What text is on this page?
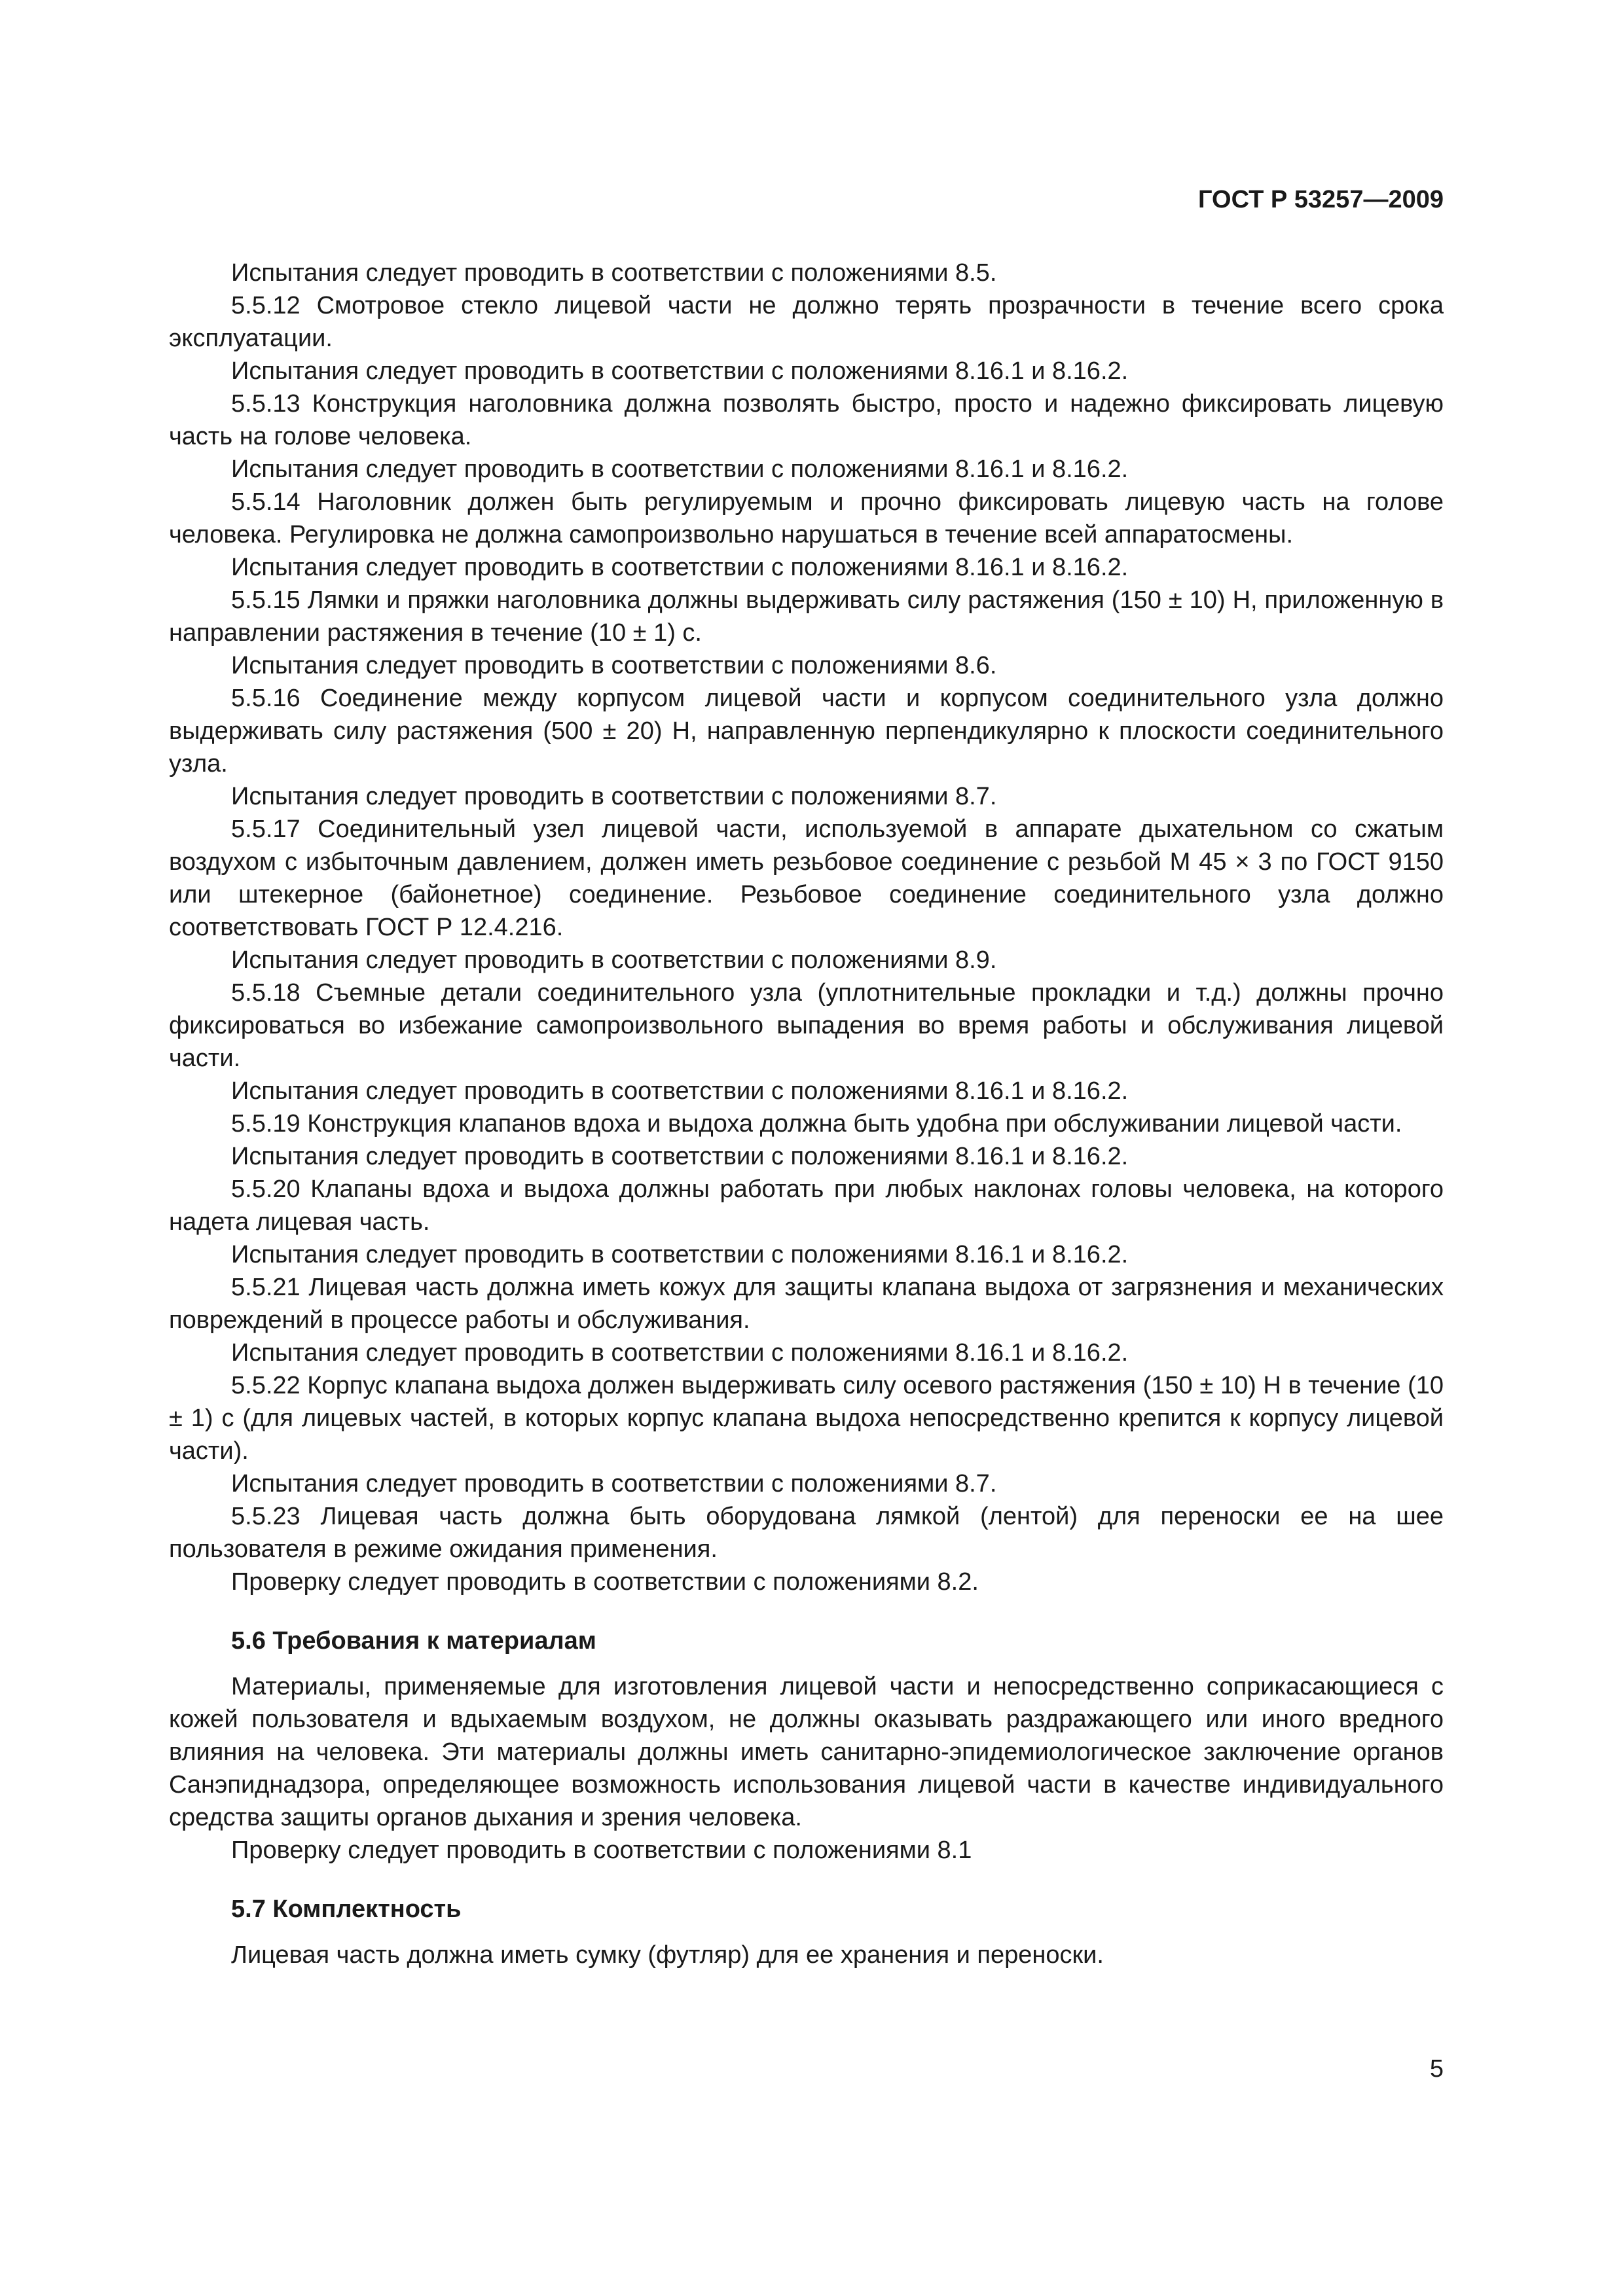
ГОСТ Р 53257—2009

Испытания следует проводить в соответствии с положениями 8.5.

5.5.12 Смотровое стекло лицевой части не должно терять прозрачности в течение всего срока эксплуатации.

Испытания следует проводить в соответствии с положениями 8.16.1 и 8.16.2.

5.5.13 Конструкция наголовника должна позволять быстро, просто и надежно фиксировать лицевую часть на голове человека.

Испытания следует проводить в соответствии с положениями 8.16.1 и 8.16.2.

5.5.14 Наголовник должен быть регулируемым и прочно фиксировать лицевую часть на голове человека. Регулировка не должна самопроизвольно нарушаться в течение всей аппаратосмены.

Испытания следует проводить в соответствии с положениями 8.16.1 и 8.16.2.

5.5.15 Лямки и пряжки наголовника должны выдерживать силу растяжения (150 ± 10) Н, приложенную в направлении растяжения в течение (10 ± 1) с.

Испытания следует проводить в соответствии с положениями 8.6.

5.5.16 Соединение между корпусом лицевой части и корпусом соединительного узла должно выдерживать силу растяжения (500 ± 20) Н, направленную перпендикулярно к плоскости соединительного узла.

Испытания следует проводить в соответствии с положениями 8.7.

5.5.17 Соединительный узел лицевой части, используемой в аппарате дыхательном со сжатым воздухом с избыточным давлением, должен иметь резьбовое соединение с резьбой М 45 × 3 по ГОСТ 9150 или штекерное (байонетное) соединение. Резьбовое соединение соединительного узла должно соответствовать ГОСТ Р 12.4.216.

Испытания следует проводить в соответствии с положениями 8.9.

5.5.18 Съемные детали соединительного узла (уплотнительные прокладки и т.д.) должны прочно фиксироваться во избежание самопроизвольного выпадения во время работы и обслуживания лицевой части.

Испытания следует проводить в соответствии с положениями 8.16.1 и 8.16.2.

5.5.19 Конструкция клапанов вдоха и выдоха должна быть удобна при обслуживании лицевой части.

Испытания следует проводить в соответствии с положениями 8.16.1 и 8.16.2.

5.5.20 Клапаны вдоха и выдоха должны работать при любых наклонах головы человека, на которого надета лицевая часть.

Испытания следует проводить в соответствии с положениями 8.16.1 и 8.16.2.

5.5.21 Лицевая часть должна иметь кожух для защиты клапана выдоха от загрязнения и механических повреждений в процессе работы и обслуживания.

Испытания следует проводить в соответствии с положениями 8.16.1 и 8.16.2.

5.5.22 Корпус клапана выдоха должен выдерживать силу осевого растяжения (150 ± 10) Н в течение (10 ± 1) с (для лицевых частей, в которых корпус клапана выдоха непосредственно крепится к корпусу лицевой части).

Испытания следует проводить в соответствии с положениями 8.7.

5.5.23 Лицевая часть должна быть оборудована лямкой (лентой) для переноски ее на шее пользователя в режиме ожидания применения.

Проверку следует проводить в соответствии с положениями 8.2.

5.6 Требования к материалам

Материалы, применяемые для изготовления лицевой части и непосредственно соприкасающиеся с кожей пользователя и вдыхаемым воздухом, не должны оказывать раздражающего или иного вредного влияния на человека. Эти материалы должны иметь санитарно-эпидемиологическое заключение органов Санэпиднадзора, определяющее возможность использования лицевой части в качестве индивидуального средства защиты органов дыхания и зрения человека.

Проверку следует проводить в соответствии с положениями 8.1

5.7 Комплектность

Лицевая часть должна иметь сумку (футляр) для ее хранения и переноски.

5
